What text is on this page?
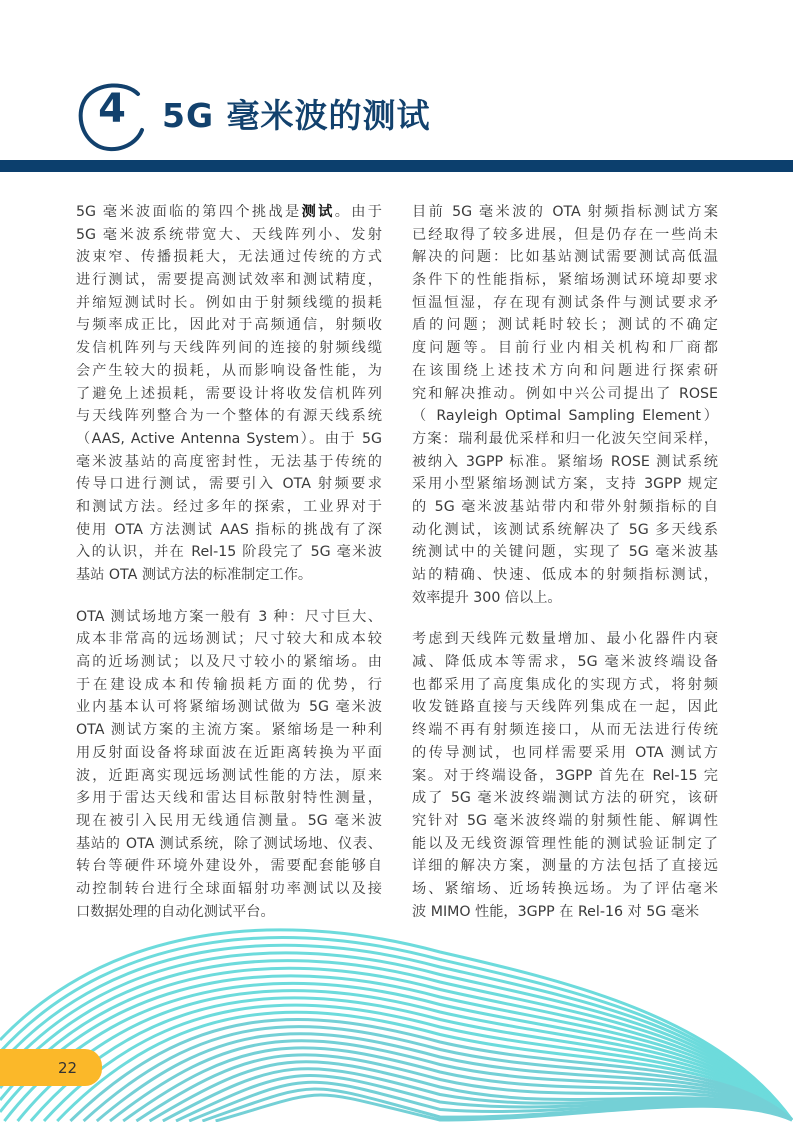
4	5G 毫米波的测试
5G 毫米波面临的第四个挑战是测试。由于
5G 毫米波系统带宽大、天线阵列小、发射
波束窄、传播损耗大，无法通过传统的方式
进行测试，需要提高测试效率和测试精度，
并缩短测试时长。例如由于射频线缆的损耗
与频率成正比，因此对于高频通信，射频收
发信机阵列与天线阵列间的连接的射频线缆
会产生较大的损耗，从而影响设备性能，为
了避免上述损耗，需要设计将收发信机阵列
与天线阵列整合为一个整体的有源天线系统
（AAS, Active Antenna System）。由于 5G
毫米波基站的高度密封性，无法基于传统的
传导口进行测试，需要引入 OTA 射频要求
和测试方法。经过多年的探索，工业界对于
使用 OTA 方法测试 AAS 指标的挑战有了深
入的认识，并在 Rel-15 阶段完了 5G 毫米波
基站 OTA 测试方法的标准制定工作。
OTA 测试场地方案一般有 3 种：尺寸巨大、
成本非常高的远场测试；尺寸较大和成本较
高的近场测试；以及尺寸较小的紧缩场。由
于在建设成本和传输损耗方面的优势，行
业内基本认可将紧缩场测试做为 5G 毫米波
OTA 测试方案的主流方案。紧缩场是一种利
用反射面设备将球面波在近距离转换为平面
波，近距离实现远场测试性能的方法，原来
多用于雷达天线和雷达目标散射特性测量，
现在被引入民用无线通信测量。5G 毫米波
基站的 OTA 测试系统，除了测试场地、仪表、
转台等硬件环境外建设外，需要配套能够自
动控制转台进行全球面辐射功率测试以及接
口数据处理的自动化测试平台。
目前 5G 毫米波的 OTA 射频指标测试方案
已经取得了较多进展，但是仍存在一些尚未
解决的问题：比如基站测试需要测试高低温
条件下的性能指标，紧缩场测试环境却要求
恒温恒湿，存在现有测试条件与测试要求矛
盾的问题；测试耗时较长；测试的不确定
度问题等。目前行业内相关机构和厂商都
在该围绕上述技术方向和问题进行探索研
究和解决推动。例如中兴公司提出了 ROSE
（ Rayleigh Optimal Sampling Element）
方案：瑞利最优采样和归一化波矢空间采样，
被纳入 3GPP 标准。紧缩场 ROSE 测试系统
采用小型紧缩场测试方案，支持 3GPP 规定
的 5G 毫米波基站带内和带外射频指标的自
动化测试，该测试系统解决了 5G 多天线系
统测试中的关键问题，实现了 5G 毫米波基
站的精确、快速、低成本的射频指标测试，
效率提升 300 倍以上。
考虑到天线阵元数量增加、最小化器件内衰
减、降低成本等需求，5G 毫米波终端设备
也都采用了高度集成化的实现方式，将射频
收发链路直接与天线阵列集成在一起，因此
终端不再有射频连接口，从而无法进行传统
的传导测试，也同样需要采用 OTA 测试方
案。对于终端设备，3GPP 首先在 Rel-15 完
成了 5G 毫米波终端测试方法的研究，该研
究针对 5G 毫米波终端的射频性能、解调性
能以及无线资源管理性能的测试验证制定了
详细的解决方案，测量的方法包括了直接远
场、紧缩场、近场转换远场。为了评估毫米
波 MIMO 性能，3GPP 在 Rel-16 对 5G 毫米
22
